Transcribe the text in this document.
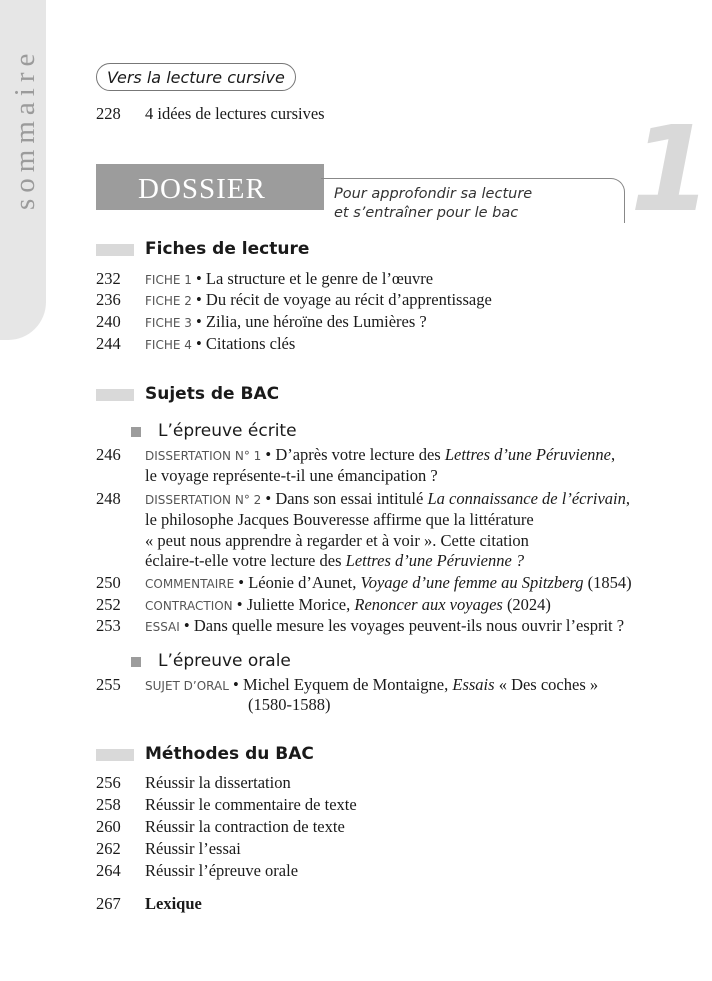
sommaire	1
Vers la lecture cursive
228	4 idées de lectures cursives
DOSSIER	Pour approfondir sa lecture
et s’entraîner pour le bac
Fiches de lecture
232	FICHE 1 • La structure et le genre de l’œuvre
236	FICHE 2 • Du récit de voyage au récit d’apprentissage
240	FICHE 3 • Zilia, une héroïne des Lumières ?
244	FICHE 4 • Citations clés
Sujets de BAC
L’épreuve écrite
246	DISSERTATION N° 1 • D’après votre lecture des Lettres d’une Péruvienne,
le voyage représente-t-il une émancipation ?
248	DISSERTATION N° 2 • Dans son essai intitulé La connaissance de l’écrivain,
le philosophe Jacques Bouveresse affirme que la littérature
« peut nous apprendre à regarder et à voir ». Cette citation
éclaire-t-elle votre lecture des Lettres d’une Péruvienne ?
250	COMMENTAIRE • Léonie d’Aunet, Voyage d’une femme au Spitzberg (1854)
252	CONTRACTION • Juliette Morice, Renoncer aux voyages (2024)
253	ESSAI • Dans quelle mesure les voyages peuvent-ils nous ouvrir l’esprit ?
L’épreuve orale
255	SUJET D’ORAL • Michel Eyquem de Montaigne, Essais « Des coches »
(1580-1588)
Méthodes du BAC
256	Réussir la dissertation
258	Réussir le commentaire de texte
260	Réussir la contraction de texte
262	Réussir l’essai
264	Réussir l’épreuve orale
267	Lexique
